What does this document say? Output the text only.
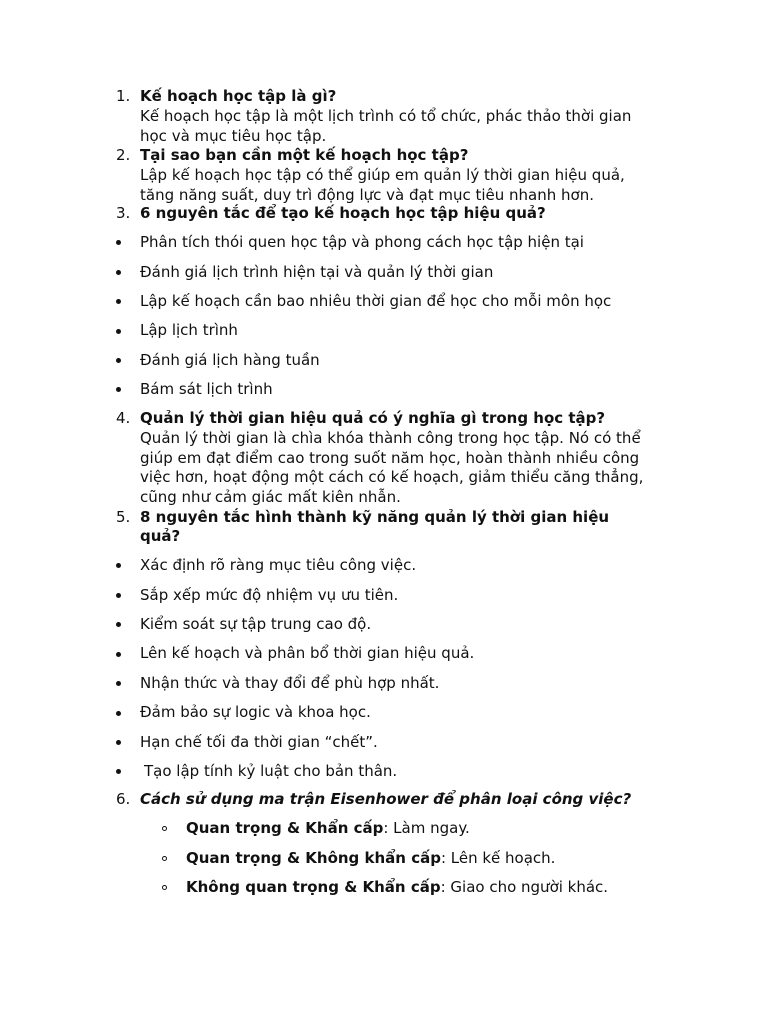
1. Kế hoạch học tập là gì?
Kế hoạch học tập là một lịch trình có tổ chức, phác thảo thời gian
học và mục tiêu học tập.
2. Tại sao bạn cần một kế hoạch học tập?
Lập kế hoạch học tập có thể giúp em quản lý thời gian hiệu quả,
tăng năng suất, duy trì động lực và đạt mục tiêu nhanh hơn.
3. 6 nguyên tắc để tạo kế hoạch học tập hiệu quả?
Phân tích thói quen học tập và phong cách học tập hiện tại
Đánh giá lịch trình hiện tại và quản lý thời gian
Lập kế hoạch cần bao nhiêu thời gian để học cho mỗi môn học
Lập lịch trình
Đánh giá lịch hàng tuần
Bám sát lịch trình
4. Quản lý thời gian hiệu quả có ý nghĩa gì trong học tập?
Quản lý thời gian là chìa khóa thành công trong học tập. Nó có thể
giúp em đạt điểm cao trong suốt năm học, hoàn thành nhiều công
việc hơn, hoạt động một cách có kế hoạch, giảm thiểu căng thẳng,
cũng như cảm giác mất kiên nhẫn.
5. 8 nguyên tắc hình thành kỹ năng quản lý thời gian hiệu
quả?
Xác định rõ ràng mục tiêu công việc.
Sắp xếp mức độ nhiệm vụ ưu tiên.
Kiểm soát sự tập trung cao độ.
Lên kế hoạch và phân bổ thời gian hiệu quả.
Nhận thức và thay đổi để phù hợp nhất.
Đảm bảo sự logic và khoa học.
Hạn chế tối đa thời gian “chết”.
Tạo lập tính kỷ luật cho bản thân.
6. Cách sử dụng ma trận Eisenhower để phân loại công việc?
Quan trọng & Khẩn cấp: Làm ngay.
Quan trọng & Không khẩn cấp: Lên kế hoạch.
Không quan trọng & Khẩn cấp: Giao cho người khác.
